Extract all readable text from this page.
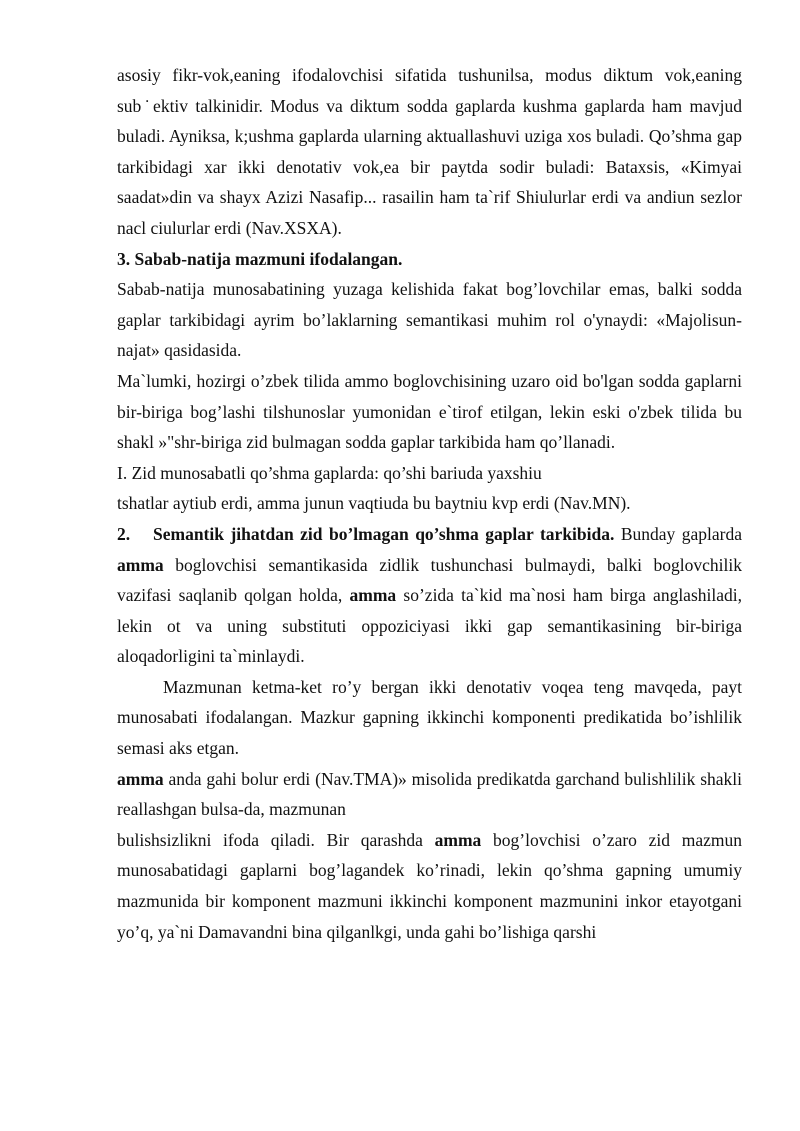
asosiy fikr-vok,eaning ifodalovchisi sifatida tushunilsa, modus diktum vok,eaning sub˙ektiv talkinidir. Modus va diktum sodda gaplarda kushma gaplarda ham mavjud buladi. Ayniksa, k;ushma gaplarda ularning aktuallashuvi uziga xos buladi. Qo’shma gap tarkibidagi xar ikki denotativ vok,ea bir paytda sodir buladi: Bataxsis, «Kimyai saadat»din va shayx Azizi Nasafip... rasailin ham ta`rif Shiulurlar erdi va andiun sezlor nacl ciulurlar erdi (Nav.XSXA).

3. Sabab-natija mazmuni ifodalangan.

Sabab-natija munosabatining yuzaga kelishida fakat bog’lovchilar emas, balki sodda gaplar tarkibidagi ayrim bo’laklarning semantikasi muhim rol o'ynaydi: «Majolisun-najat» qasidasida.

Ma`lumki, hozirgi o’zbek tilida ammo boglovchisining uzaro oid bo'lgan sodda gaplarni bir-biriga bog’lashi tilshunoslar yumonidan e`tirof etilgan, lekin eski o'zbek tilida bu shakl »"shr-biriga zid bulmagan sodda gaplar tarkibida ham qo’llanadi.

I. Zid munosabatli qo’shma gaplarda: qo’shi bariuda yaxshiu

tshatlar aytiub erdi, amma junun vaqtiuda bu baytniu kvp erdi (Nav.MN).

2. Semantik jihatdan zid bo’lmagan qo’shma gaplar tarkibida. Bunday gaplarda amma boglovchisi semantikasida zidlik tushunchasi bulmaydi, balki boglovchilik vazifasi saqlanib qolgan holda, amma so’zida ta`kid ma`nosi ham birga anglashiladi, lekin ot va uning substituti oppoziciyasi ikki gap semantikasining bir-biriga aloqadorligini ta`minlaydi.

Mazmunan ketma-ket ro’y bergan ikki denotativ voqea teng mavqeda, payt munosabati ifodalangan. Mazkur gapning ikkinchi komponenti predikatida bo’ishlilik semasi aks etgan.

amma anda gahi bolur erdi (Nav.TMA)» misolida predikatda garchand bulishlilik shakli reallashgan bulsa-da, mazmunan

bulishsizlikni ifoda qiladi. Bir qarashda amma bog’lovchisi o’zaro zid mazmun munosabatidagi gaplarni bog’lagandek ko’rinadi, lekin qo’shma gapning umumiy mazmunida bir komponent mazmuni ikkinchi komponent mazmunini inkor etayotgani yo’q, ya`ni Damavandni bina qilganlkgi, unda gahi bo’lishiga qarshi
